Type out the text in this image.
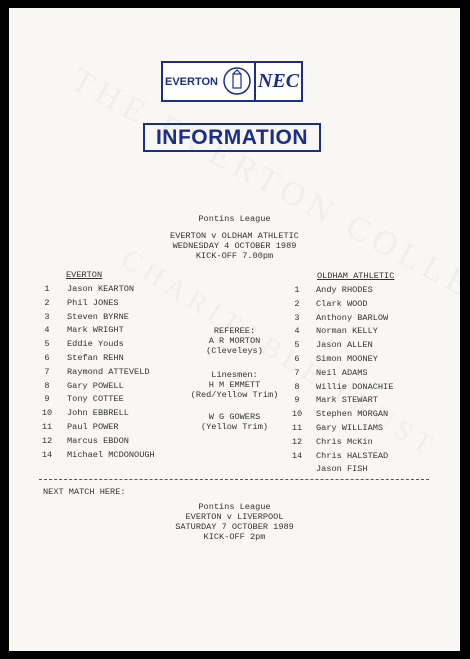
EVERTON NEC
INFORMATION
Pontins League
EVERTON v OLDHAM ATHLETIC
WEDNESDAY 4 OCTOBER 1989
KICK-OFF 7.00pm
EVERTON	OLDHAM ATHLETIC
1	Jason KEARTON
2	Phil JONES
3	Steven BYRNE
4	Mark WRIGHT
5	Eddie Youds
6	Stefan REHN
7	Raymond ATTEVELD
8	Gary POWELL
9	Tony COTTEE
10	John EBBRELL
11	Paul POWER
12	Marcus EBDON
14	Michael MCDONOUGH
1	Andy RHODES
2	Clark WOOD
3	Anthony BARLOW
4	Norman KELLY
5	Jason ALLEN
6	Simon MOONEY
7	Neil ADAMS
8	Willie DONACHIE
9	Mark STEWART
10	Stephen MORGAN
11	Gary WILLIAMS
12	Chris McKin
14	Chris HALSTEAD
Jason FISH
REFEREE:
A R MORTON
(Cleveleys)
Linesmen:
H M EMMETT
(Red/Yellow Trim)
W G GOWERS
(Yellow Trim)
NEXT MATCH HERE:
Pontins League
EVERTON v LIVERPOOL
SATURDAY 7 OCTOBER 1989
KICK-OFF 2pm
